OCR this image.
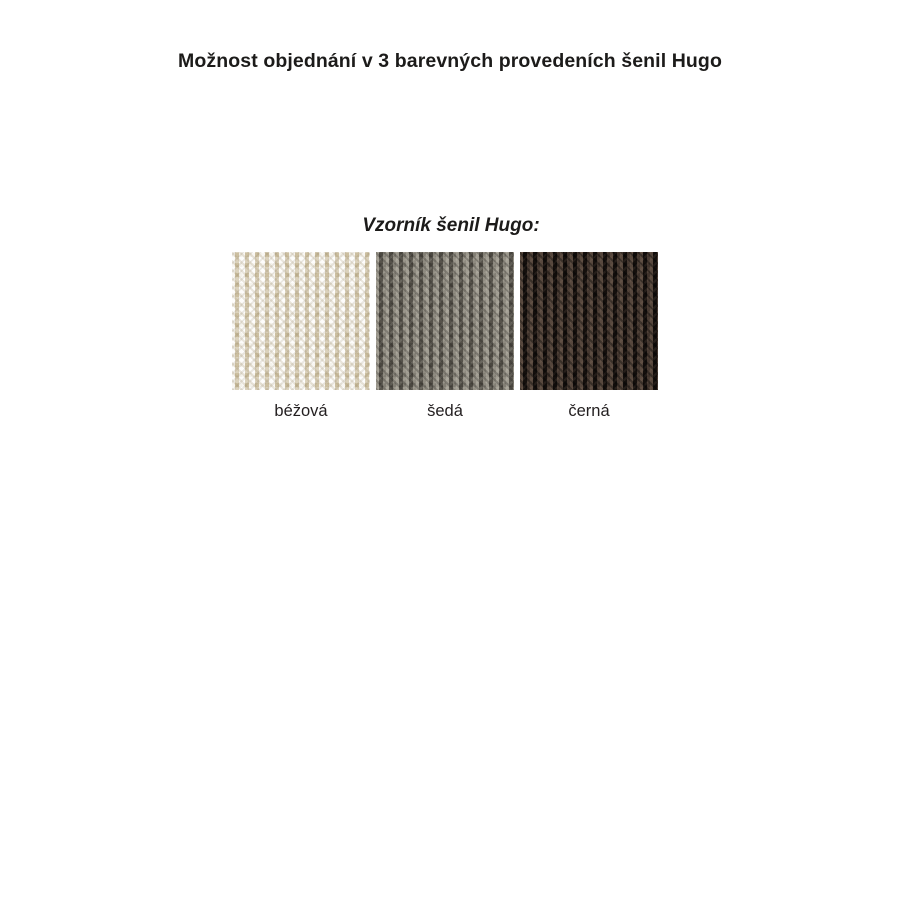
Možnost objednání v 3 barevných provedeních šenil Hugo
Vzorník šenil Hugo:
béžová	šedá	černá
